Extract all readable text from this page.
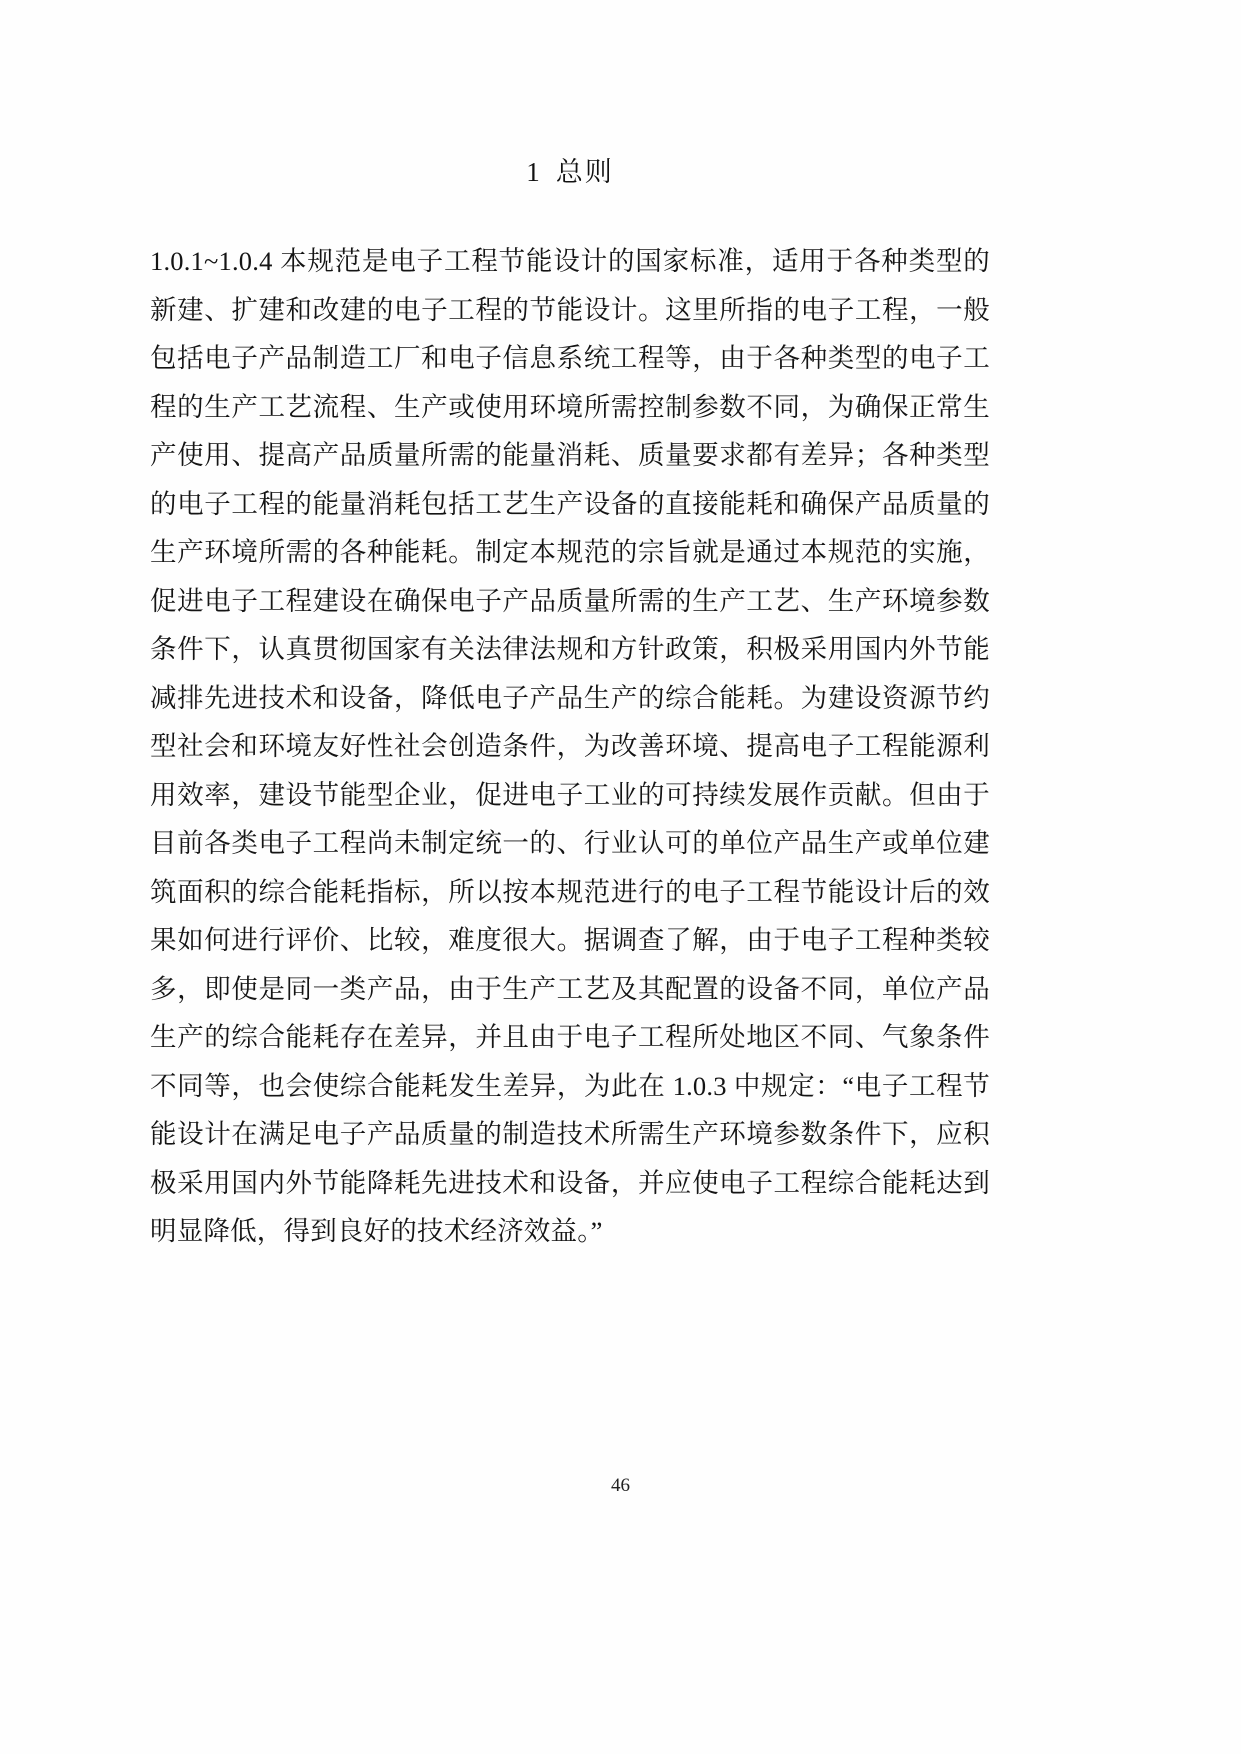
1 总则

1.0.1~1.0.4 本规范是电子工程节能设计的国家标准，适用于各种类型的新建、扩建和改建的电子工程的节能设计。这里所指的电子工程，一般包括电子产品制造工厂和电子信息系统工程等，由于各种类型的电子工程的生产工艺流程、生产或使用环境所需控制参数不同，为确保正常生产使用、提高产品质量所需的能量消耗、质量要求都有差异；各种类型的电子工程的能量消耗包括工艺生产设备的直接能耗和确保产品质量的生产环境所需的各种能耗。制定本规范的宗旨就是通过本规范的实施，促进电子工程建设在确保电子产品质量所需的生产工艺、生产环境参数条件下，认真贯彻国家有关法律法规和方针政策，积极采用国内外节能减排先进技术和设备，降低电子产品生产的综合能耗。为建设资源节约型社会和环境友好性社会创造条件，为改善环境、提高电子工程能源利用效率，建设节能型企业，促进电子工业的可持续发展作贡献。但由于目前各类电子工程尚未制定统一的、行业认可的单位产品生产或单位建筑面积的综合能耗指标，所以按本规范进行的电子工程节能设计后的效果如何进行评价、比较，难度很大。据调查了解，由于电子工程种类较多，即使是同一类产品，由于生产工艺及其配置的设备不同，单位产品生产的综合能耗存在差异，并且由于电子工程所处地区不同、气象条件不同等，也会使综合能耗发生差异，为此在 1.0.3 中规定：“电子工程节能设计在满足电子产品质量的制造技术所需生产环境参数条件下，应积极采用国内外节能降耗先进技术和设备，并应使电子工程综合能耗达到明显降低，得到良好的技术经济效益。”

46
